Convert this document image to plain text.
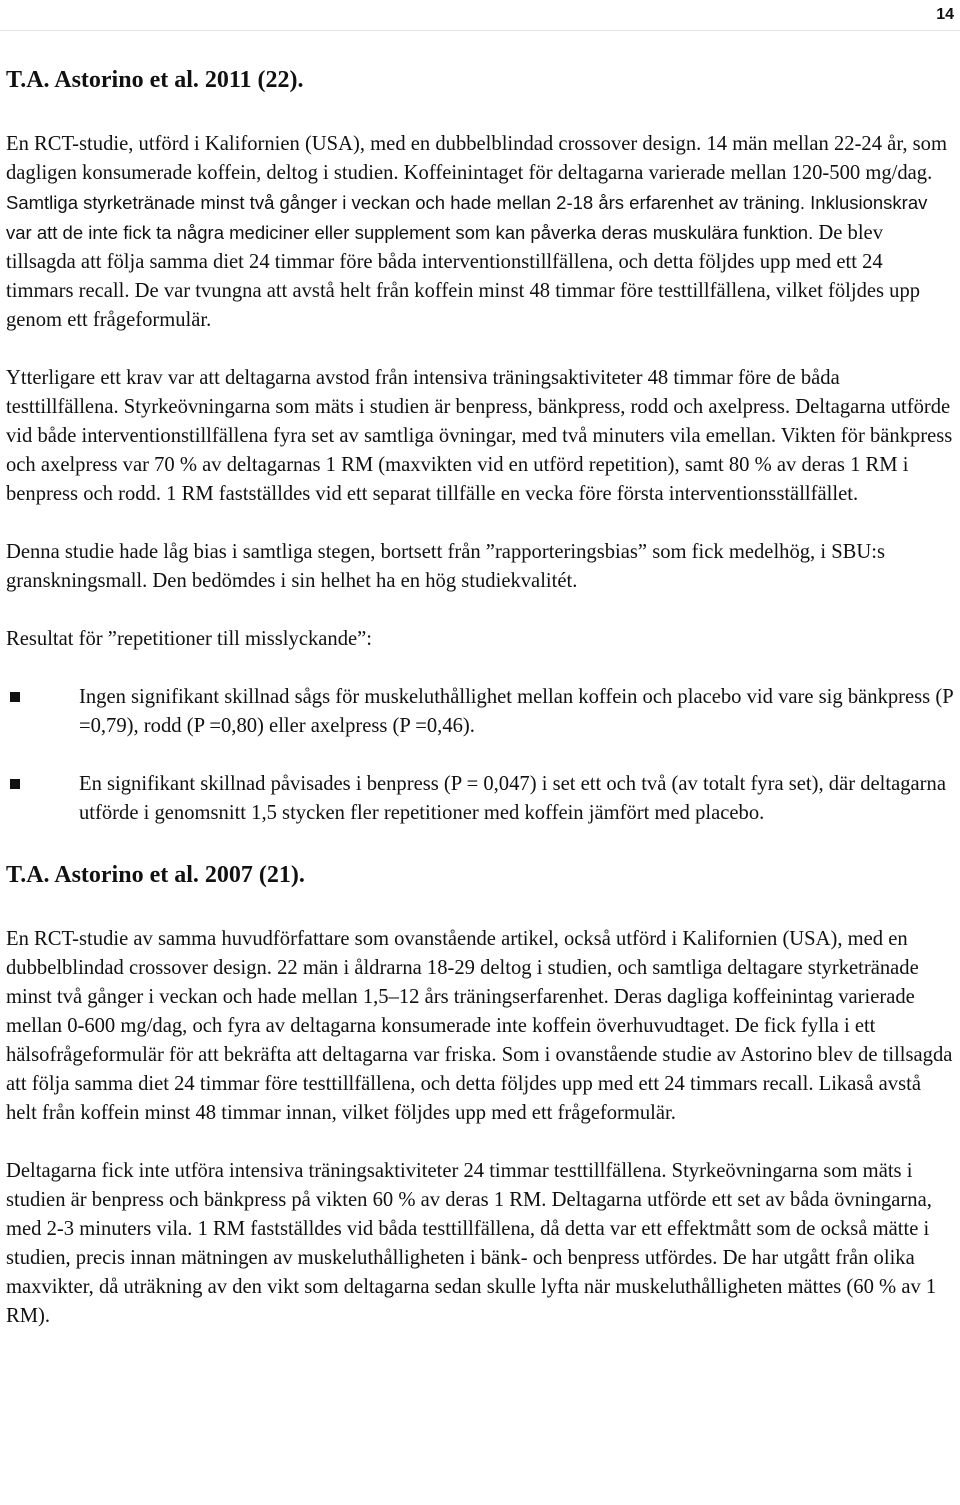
14
T.A. Astorino et al. 2011 (22).

En RCT-studie, utförd i Kalifornien (USA), med en dubbelblindad crossover design. 14 män mellan 22-24 år, som dagligen konsumerade koffein, deltog i studien. Koffeinintaget för deltagarna varierade mellan 120-500 mg/dag. Samtliga styrketränade minst två gånger i veckan och hade mellan 2-18 års erfarenhet av träning. Inklusionskrav var att de inte fick ta några mediciner eller supplement som kan påverka deras muskulära funktion. De blev tillsagda att följa samma diet 24 timmar före båda interventionstillfällena, och detta följdes upp med ett 24 timmars recall. De var tvungna att avstå helt från koffein minst 48 timmar före testtillfällena, vilket följdes upp genom ett frågeformulär.

Ytterligare ett krav var att deltagarna avstod från intensiva träningsaktiviteter 48 timmar före de båda testtillfällena. Styrkeövningarna som mäts i studien är benpress, bänkpress, rodd och axelpress. Deltagarna utförde vid både interventionstillfällena fyra set av samtliga övningar, med två minuters vila emellan. Vikten för bänkpress och axelpress var 70 % av deltagarnas 1 RM (maxvikten vid en utförd repetition), samt 80 % av deras 1 RM i benpress och rodd. 1 RM fastställdes vid ett separat tillfälle en vecka före första interventionsställfället.

Denna studie hade låg bias i samtliga stegen, bortsett från ”rapporteringsbias” som fick medelhög, i SBU:s granskningsmall. Den bedömdes i sin helhet ha en hög studiekvalitét.

Resultat för ”repetitioner till misslyckande”:

Ingen signifikant skillnad sågs för muskeluthållighet mellan koffein och placebo vid vare sig bänkpress (P =0,79), rodd (P =0,80) eller axelpress (P =0,46).
En signifikant skillnad påvisades i benpress (P = 0,047) i set ett och två (av totalt fyra set), där deltagarna utförde i genomsnitt 1,5 stycken fler repetitioner med koffein jämfört med placebo.
T.A. Astorino et al. 2007 (21).

En RCT-studie av samma huvudförfattare som ovanstående artikel, också utförd i Kalifornien (USA), med en dubbelblindad crossover design. 22 män i åldrarna 18-29 deltog i studien, och samtliga deltagare styrketränade minst två gånger i veckan och hade mellan 1,5–12 års träningserfarenhet. Deras dagliga koffeinintag varierade mellan 0-600 mg/dag, och fyra av deltagarna konsumerade inte koffein överhuvudtaget. De fick fylla i ett hälsofrågeformulär för att bekräfta att deltagarna var friska. Som i ovanstående studie av Astorino blev de tillsagda att följa samma diet 24 timmar före testtillfällena, och detta följdes upp med ett 24 timmars recall. Likaså avstå helt från koffein minst 48 timmar innan, vilket följdes upp med ett frågeformulär.

Deltagarna fick inte utföra intensiva träningsaktiviteter 24 timmar testtillfällena. Styrkeövningarna som mäts i studien är benpress och bänkpress på vikten 60 % av deras 1 RM. Deltagarna utförde ett set av båda övningarna, med 2-3 minuters vila. 1 RM fastställdes vid båda testtillfällena, då detta var ett effektmått som de också mätte i studien, precis innan mätningen av muskeluthålligheten i bänk- och benpress utfördes. De har utgått från olika maxvikter, då uträkning av den vikt som deltagarna sedan skulle lyfta när muskeluthålligheten mättes (60 % av 1 RM).
